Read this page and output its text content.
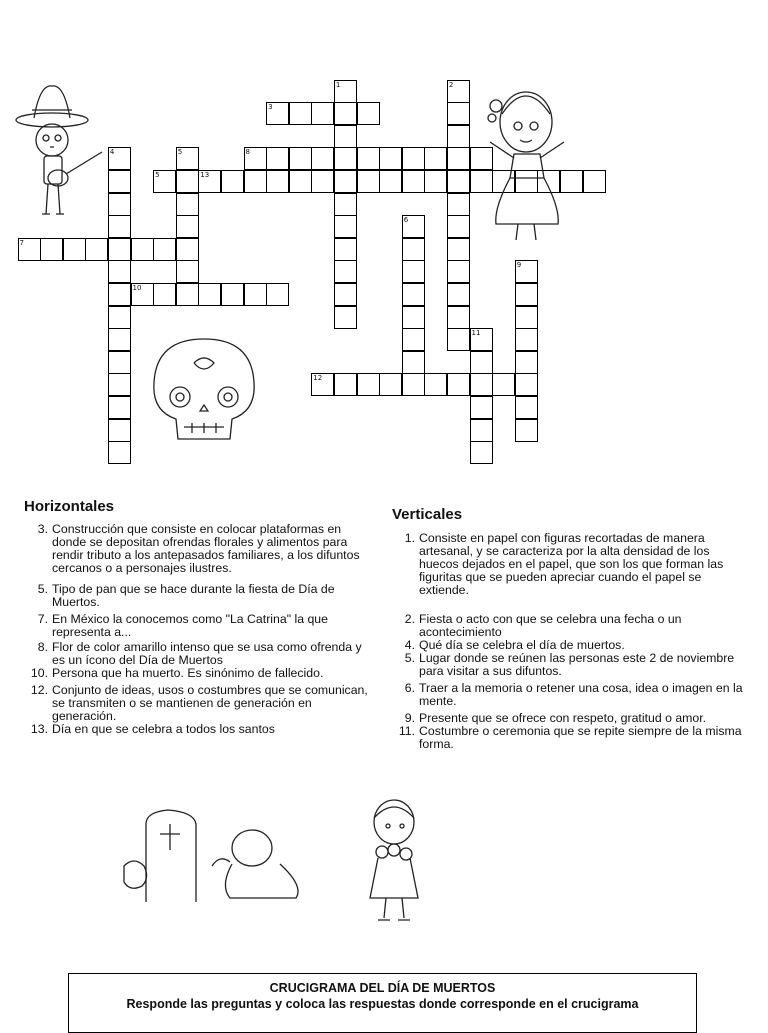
3
5	13
7
8
10
12
1	2
4	5
6
9
11
Horizontales
3. Construcción que consiste en colocar plataformas en donde se depositan ofrendas florales y alimentos para rendir tributo a los antepasados familiares, a los difuntos cercanos o a personajes ilustres.
5. Tipo de pan que se hace durante la fiesta de Día de Muertos.
7. En México la conocemos como "La Catrina" la que representa a...
8. Flor de color amarillo intenso que se usa como ofrenda y es un ícono del Día de Muertos
10. Persona que ha muerto. Es sinónimo de fallecido.
12. Conjunto de ideas, usos o costumbres que se comunican, se transmiten o se mantienen de generación en generación.
13. Día en que se celebra a todos los santos
Verticales
1. Consiste en papel con figuras recortadas de manera artesanal, y se caracteriza por la alta densidad de los huecos dejados en el papel, que son los que forman las figuritas que se pueden apreciar cuando el papel se extiende.
2. Fiesta o acto con que se celebra una fecha o un acontecimiento
4. Qué día se celebra el día de muertos.
5. Lugar donde se reúnen las personas este 2 de noviembre para visitar a sus difuntos.
6. Traer a la memoria o retener una cosa, idea o imagen en la mente.
9. Presente que se ofrece con respeto, gratitud o amor.
11. Costumbre o ceremonia que se repite siempre de la misma forma.
CRUCIGRAMA DEL DÍA DE MUERTOS
Responde las preguntas y coloca las respuestas donde corresponde en el crucigrama
